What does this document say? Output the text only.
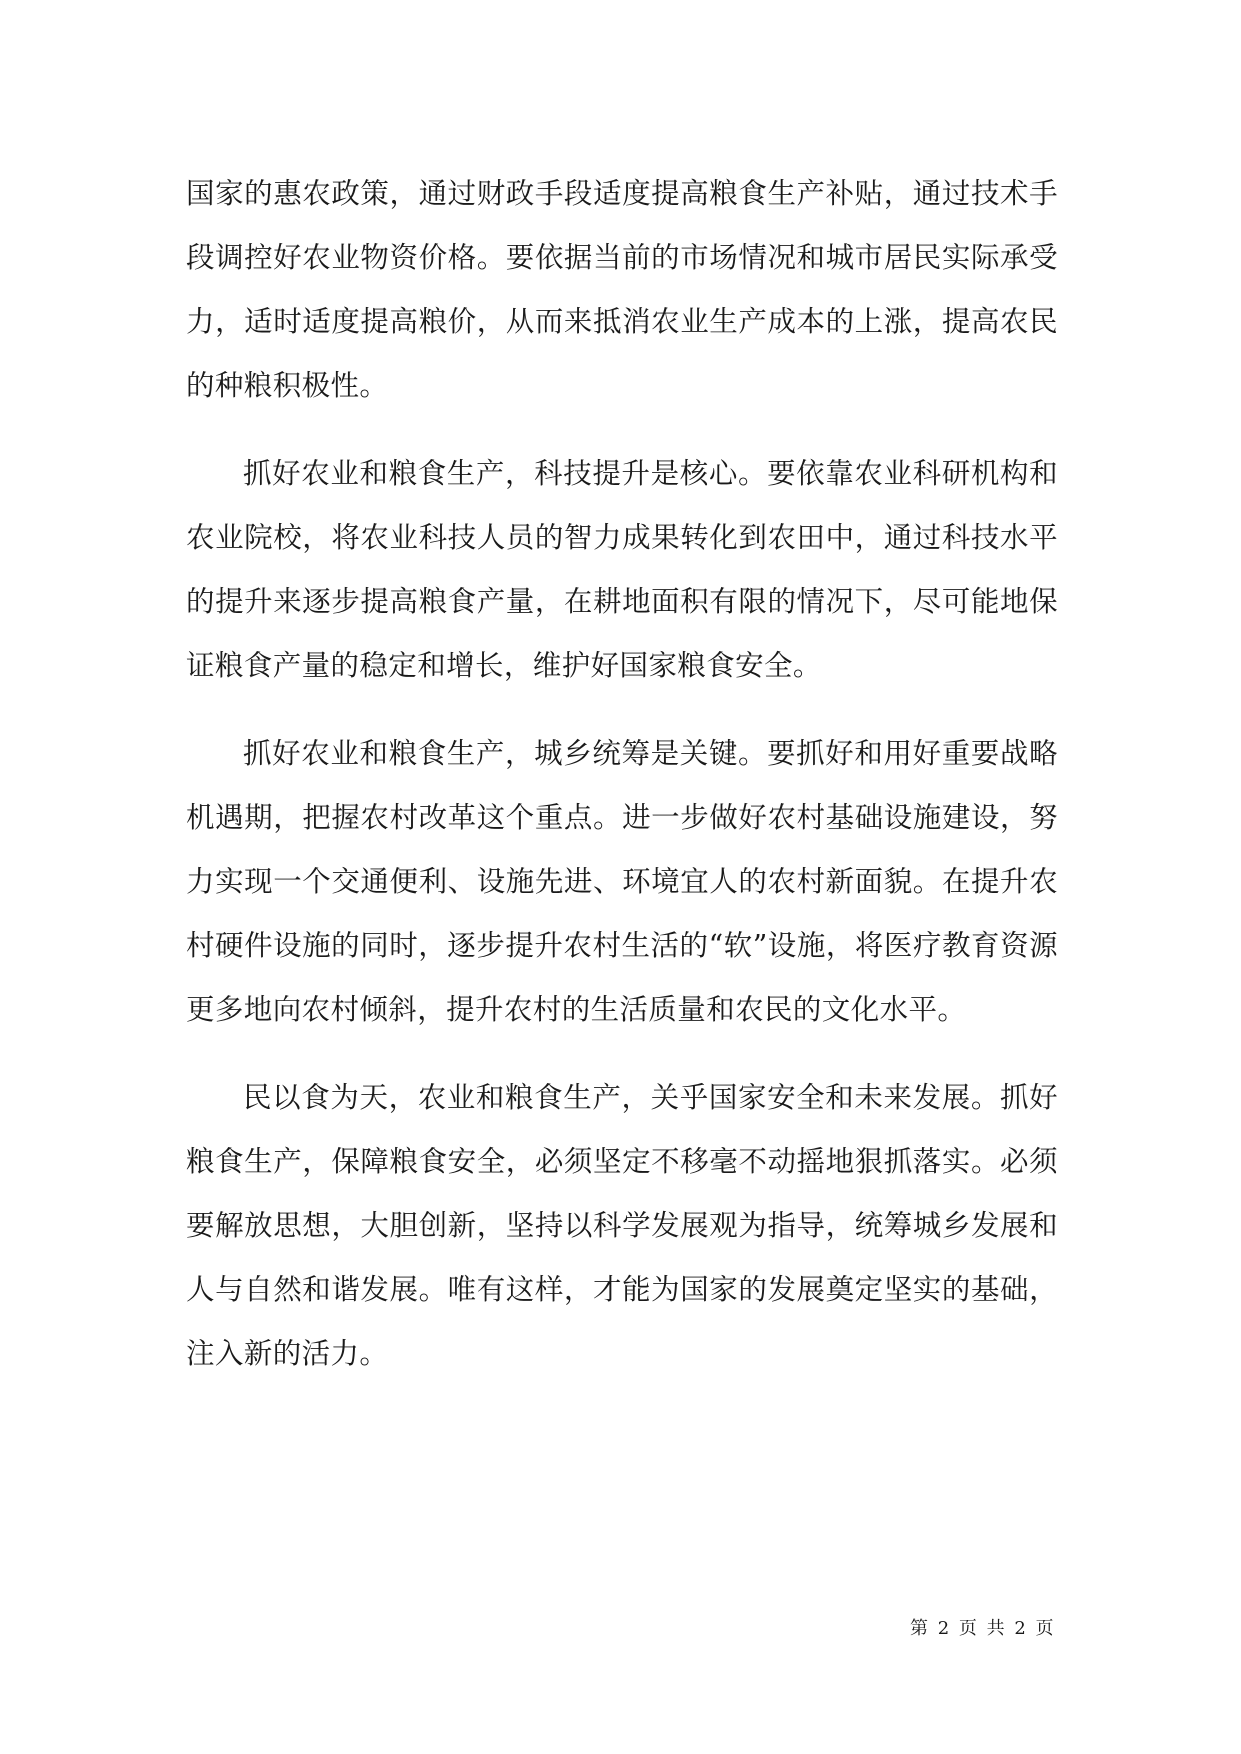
国家的惠农政策，通过财政手段适度提高粮食生产补贴，通过技术手段调控好农业物资价格。要依据当前的市场情况和城市居民实际承受力，适时适度提高粮价，从而来抵消农业生产成本的上涨，提高农民的种粮积极性。

抓好农业和粮食生产，科技提升是核心。要依靠农业科研机构和农业院校，将农业科技人员的智力成果转化到农田中，通过科技水平的提升来逐步提高粮食产量，在耕地面积有限的情况下，尽可能地保证粮食产量的稳定和增长，维护好国家粮食安全。

抓好农业和粮食生产，城乡统筹是关键。要抓好和用好重要战略机遇期，把握农村改革这个重点。进一步做好农村基础设施建设，努力实现一个交通便利、设施先进、环境宜人的农村新面貌。在提升农村硬件设施的同时，逐步提升农村生活的“软”设施，将医疗教育资源更多地向农村倾斜，提升农村的生活质量和农民的文化水平。

民以食为天，农业和粮食生产，关乎国家安全和未来发展。抓好粮食生产，保障粮食安全，必须坚定不移毫不动摇地狠抓落实。必须要解放思想，大胆创新，坚持以科学发展观为指导，统筹城乡发展和人与自然和谐发展。唯有这样，才能为国家的发展奠定坚实的基础，注入新的活力。

第 2 页 共 2 页
